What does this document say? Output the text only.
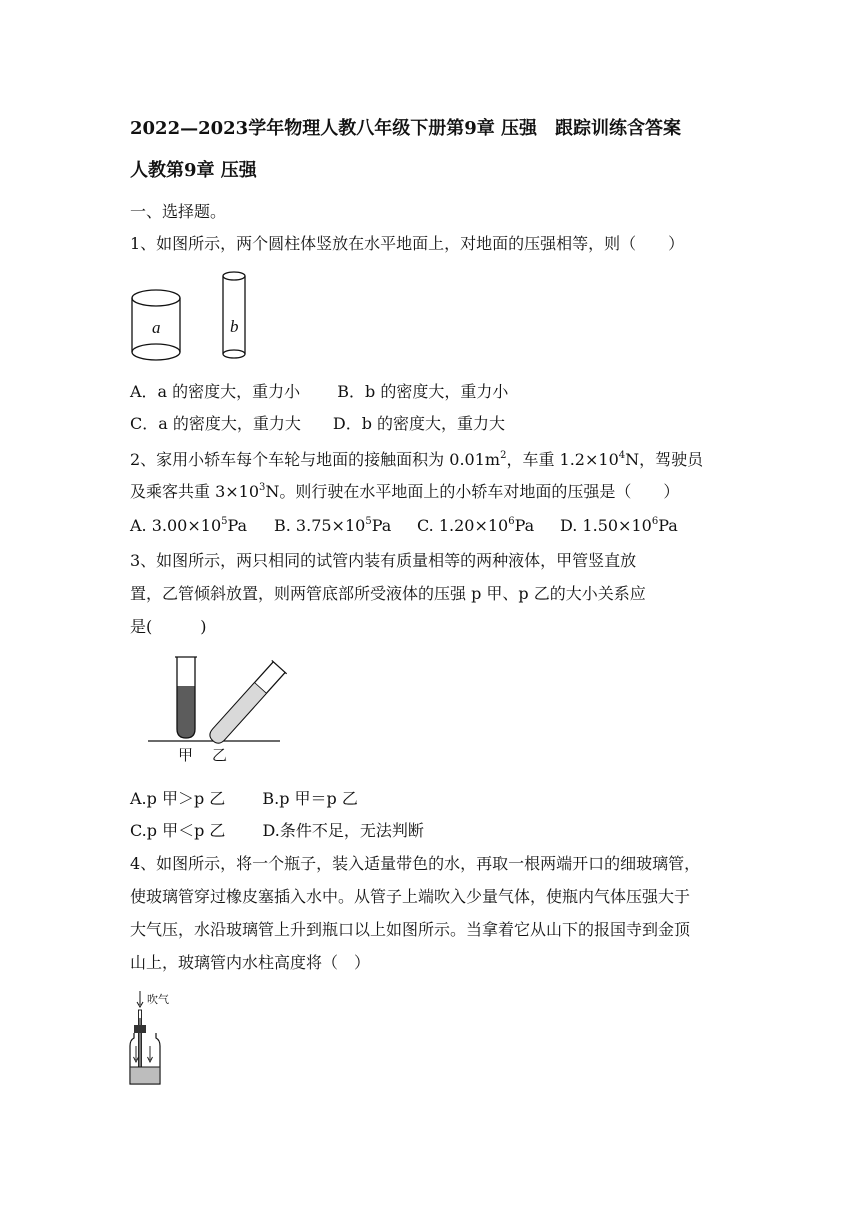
2022—2023学年物理人教八年级下册第9章 压强　跟踪训练含答案
人教第9章 压强
一、选择题。
1、如图所示，两个圆柱体竖放在水平地面上，对地面的压强相等，则（　　）
a	b
A．a 的密度大，重力小　　 B．b 的密度大，重力小
C．a 的密度大，重力大　　D．b 的密度大，重力大
2、家用小轿车每个车轮与地面的接触面积为 $0.01m^2$，车重 $1.2\times 10^4N$，驾驶员
及乘客共重 $3\times 10^3N$。则行驶在水平地面上的小轿车对地面的压强是（　　）
A. $3.00\times 10^5Pa$ B. $3.75\times 10^5Pa$ C. $1.20\times 10^6Pa$ D. $1.50\times 10^6Pa$
3、如图所示，两只相同的试管内装有质量相等的两种液体，甲管竖直放
置，乙管倾斜放置，则两管底部所受液体的压强 p 甲、p 乙的大小关系应
是(　　　)
甲 乙
A.p 甲＞p 乙　　 B.p 甲＝p 乙
C.p 甲＜p 乙　　 D.条件不足，无法判断
4、如图所示，将一个瓶子，装入适量带色的水，再取一根两端开口的细玻璃管，
使玻璃管穿过橡皮塞插入水中。从管子上端吹入少量气体，使瓶内气体压强大于
大气压，水沿玻璃管上升到瓶口以上如图所示。当拿着它从山下的报国寺到金顶
山上，玻璃管内水柱高度将（　）
吹气
